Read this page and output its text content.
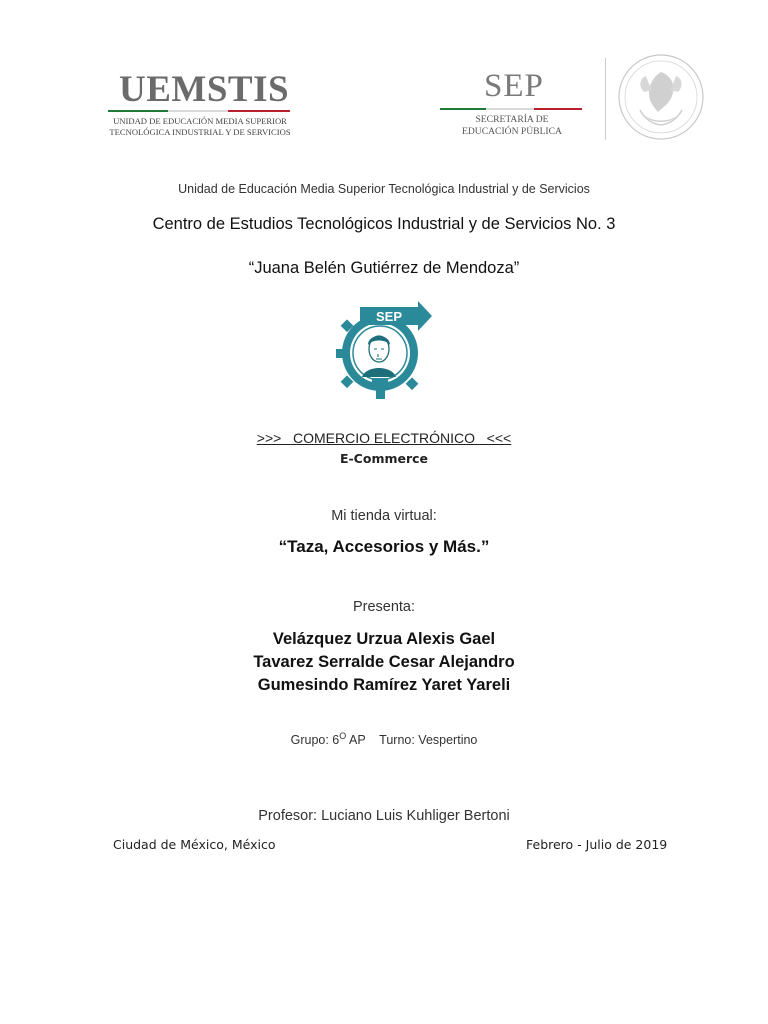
UEMSTIS
UNIDAD DE EDUCACIÓN MEDIA SUPERIOR
TECNOLÓGICA INDUSTRIAL Y DE SERVICIOS
SEP
SECRETARÍA DE
EDUCACIÓN PÚBLICA
Unidad de Educación Media Superior Tecnológica Industrial y de Servicios
Centro de Estudios Tecnológicos Industrial y de Servicios No. 3
“Juana Belén Gutiérrez de Mendoza”
SEP
>>>   COMERCIO ELECTRÓNICO   <<<
E-Commerce
Mi tienda virtual:
“Taza, Accesorios y Más.”
Presenta:
Velázquez Urzua Alexis Gael
Tavarez Serralde Cesar Alejandro
Gumesindo Ramírez Yaret Yareli
Grupo: $6^O$ AP    Turno: Vespertino
Profesor: Luciano Luis Kuhliger Bertoni
Ciudad de México, México	Febrero - Julio de 2019
